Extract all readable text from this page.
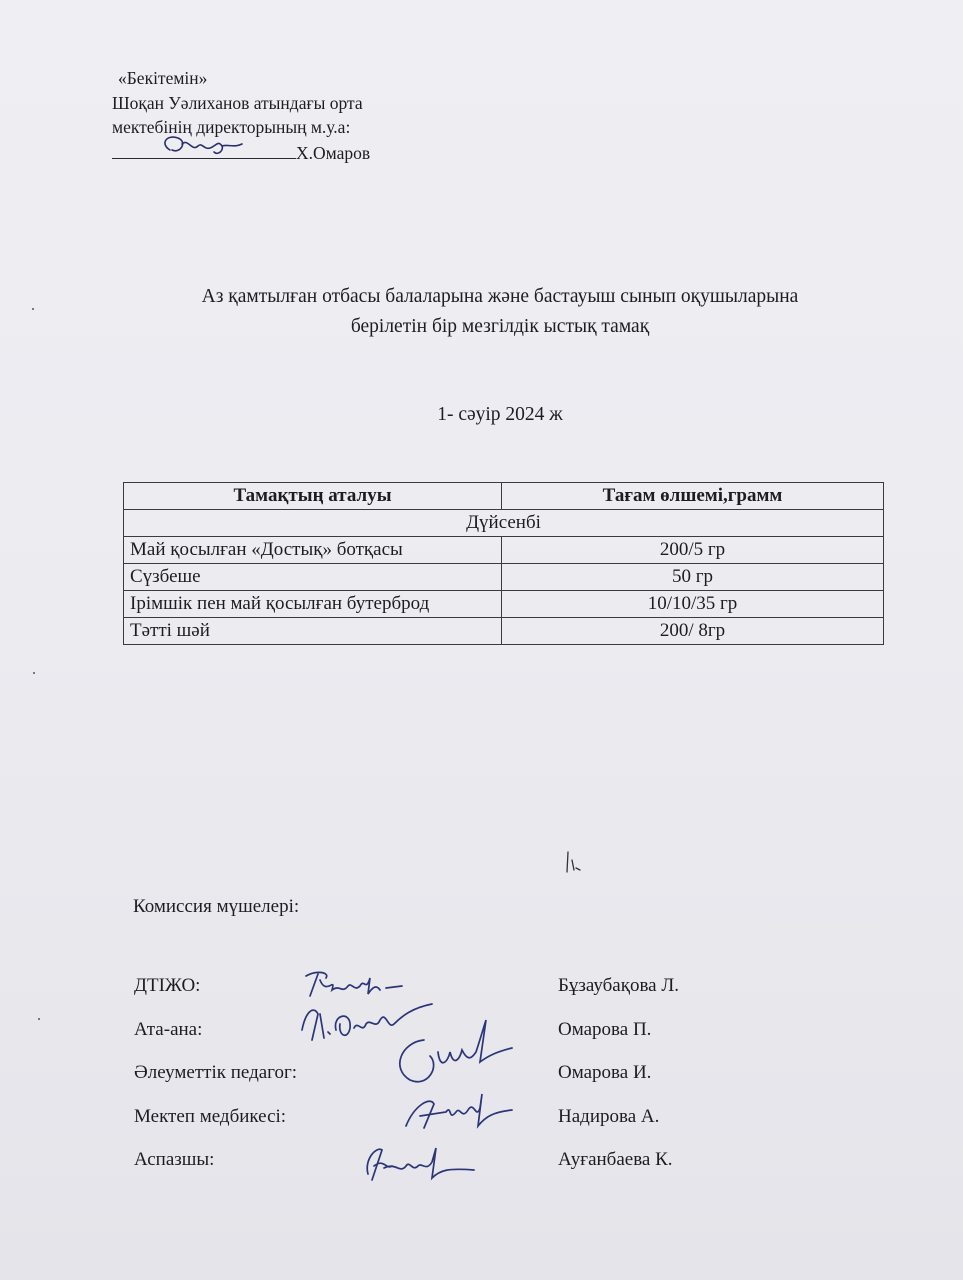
«Бекітемін»
Шоқан Уәлиханов атындағы орта
мектебінің директорының м.у.а:
Х.Омаров
Аз қамтылған отбасы балаларына және бастауыш сынып оқушыларына
берілетін бір мезгілдік ыстық тамақ
1- сәуір 2024 ж
Тамақтың аталуы	Тағам өлшемі,грамм
Дүйсенбі	
Май қосылған «Достық» ботқасы	200/5 гр
Сүзбеше	50 гр
Ірімшік пен май қосылған бутерброд	10/10/35 гр
Тәтті шәй	200/ 8гр
Комиссия мүшелері:
ДТІЖО:	Бұзаубақова Л.
Ата-ана:	Омарова П.
Әлеуметтік педагог:	Омарова И.
Мектеп медбикесі:	Надирова А.
Аспазшы:	Ауғанбаева К.
